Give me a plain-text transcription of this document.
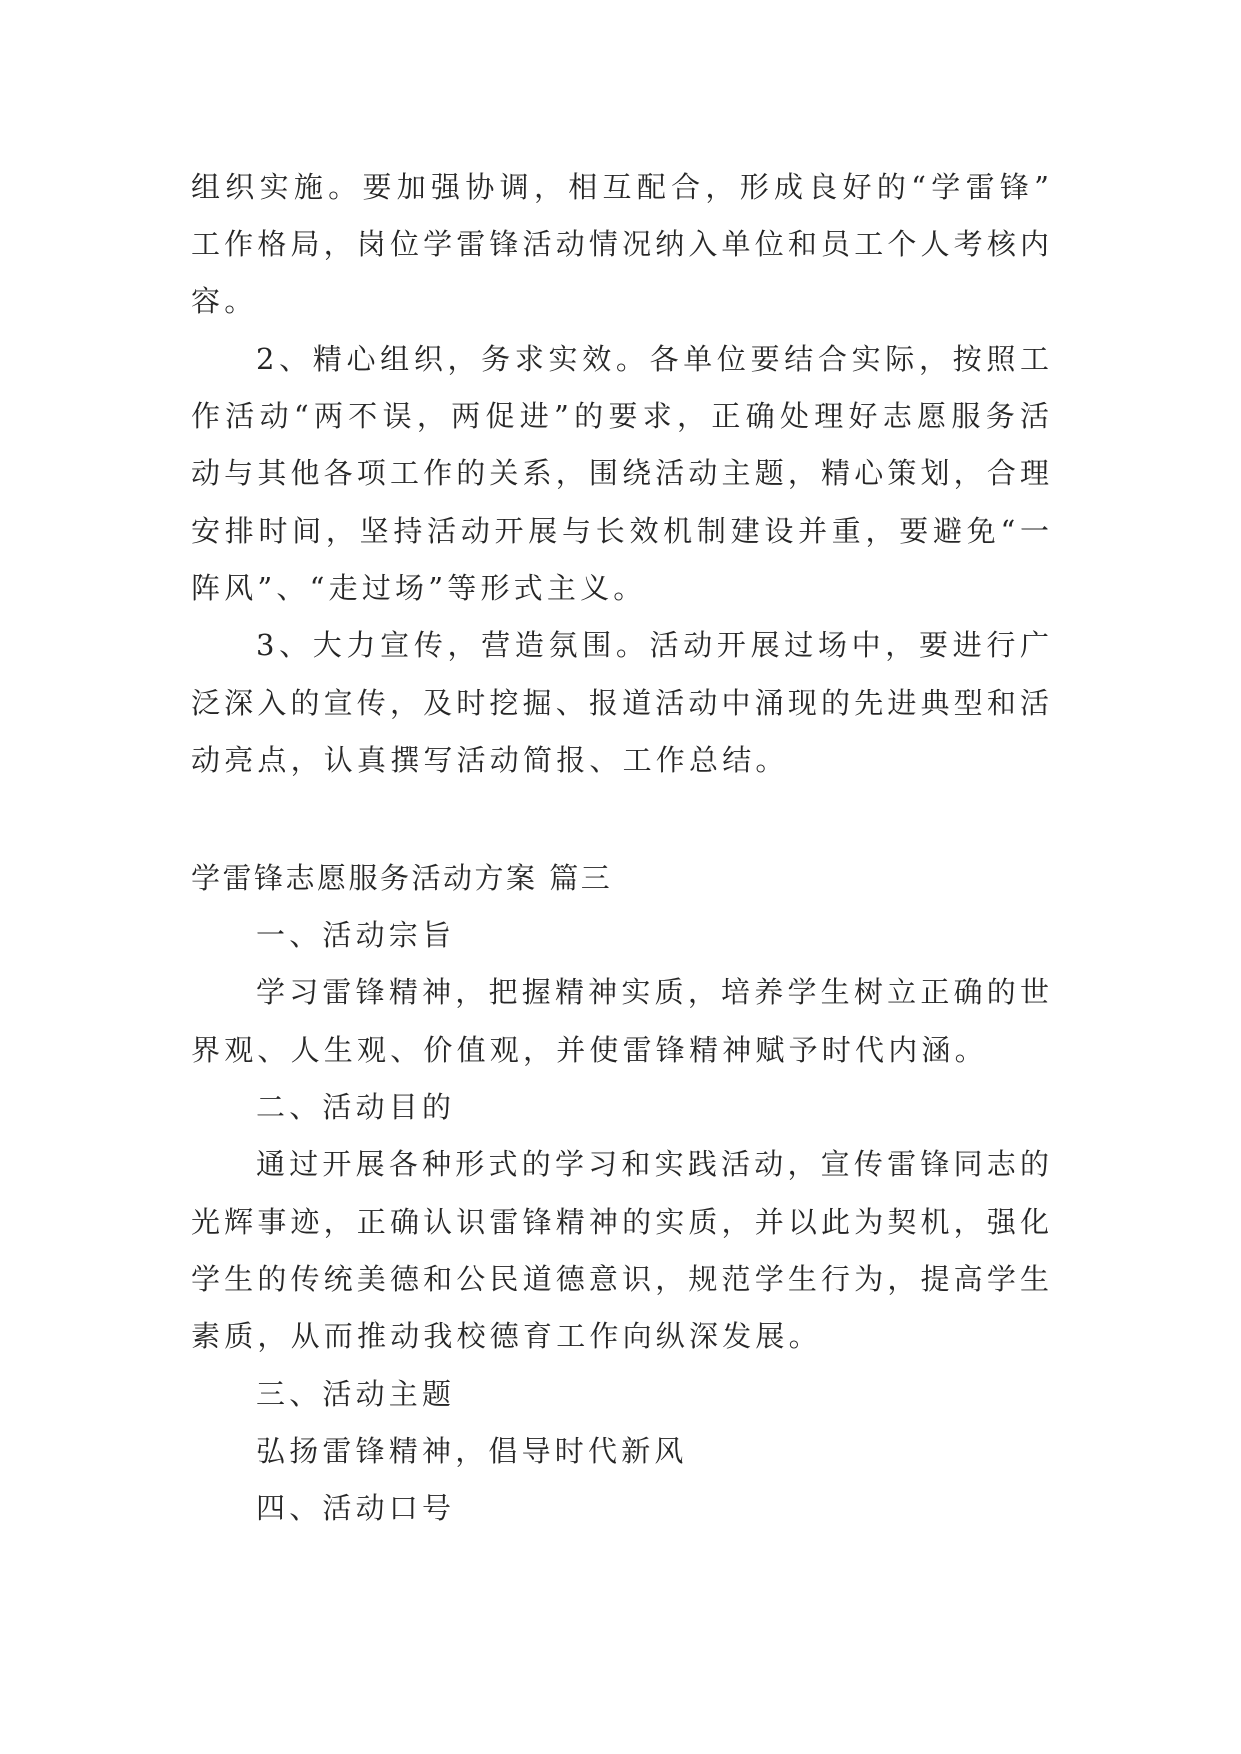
组织实施。要加强协调，相互配合，形成良好的“学雷锋”
工作格局，岗位学雷锋活动情况纳入单位和员工个人考核内
容。
2、精心组织，务求实效。各单位要结合实际，按照工
作活动“两不误，两促进”的要求，正确处理好志愿服务活
动与其他各项工作的关系，围绕活动主题，精心策划，合理
安排时间，坚持活动开展与长效机制建设并重，要避免“一
阵风”、“走过场”等形式主义。
3、大力宣传，营造氛围。活动开展过场中，要进行广
泛深入的宣传，及时挖掘、报道活动中涌现的先进典型和活
动亮点，认真撰写活动简报、工作总结。
学雷锋志愿服务活动方案 篇三
一、活动宗旨
学习雷锋精神，把握精神实质，培养学生树立正确的世
界观、人生观、价值观，并使雷锋精神赋予时代内涵。
二、活动目的
通过开展各种形式的学习和实践活动，宣传雷锋同志的
光辉事迹，正确认识雷锋精神的实质，并以此为契机，强化
学生的传统美德和公民道德意识，规范学生行为，提高学生
素质，从而推动我校德育工作向纵深发展。
三、活动主题
弘扬雷锋精神，倡导时代新风
四、活动口号
